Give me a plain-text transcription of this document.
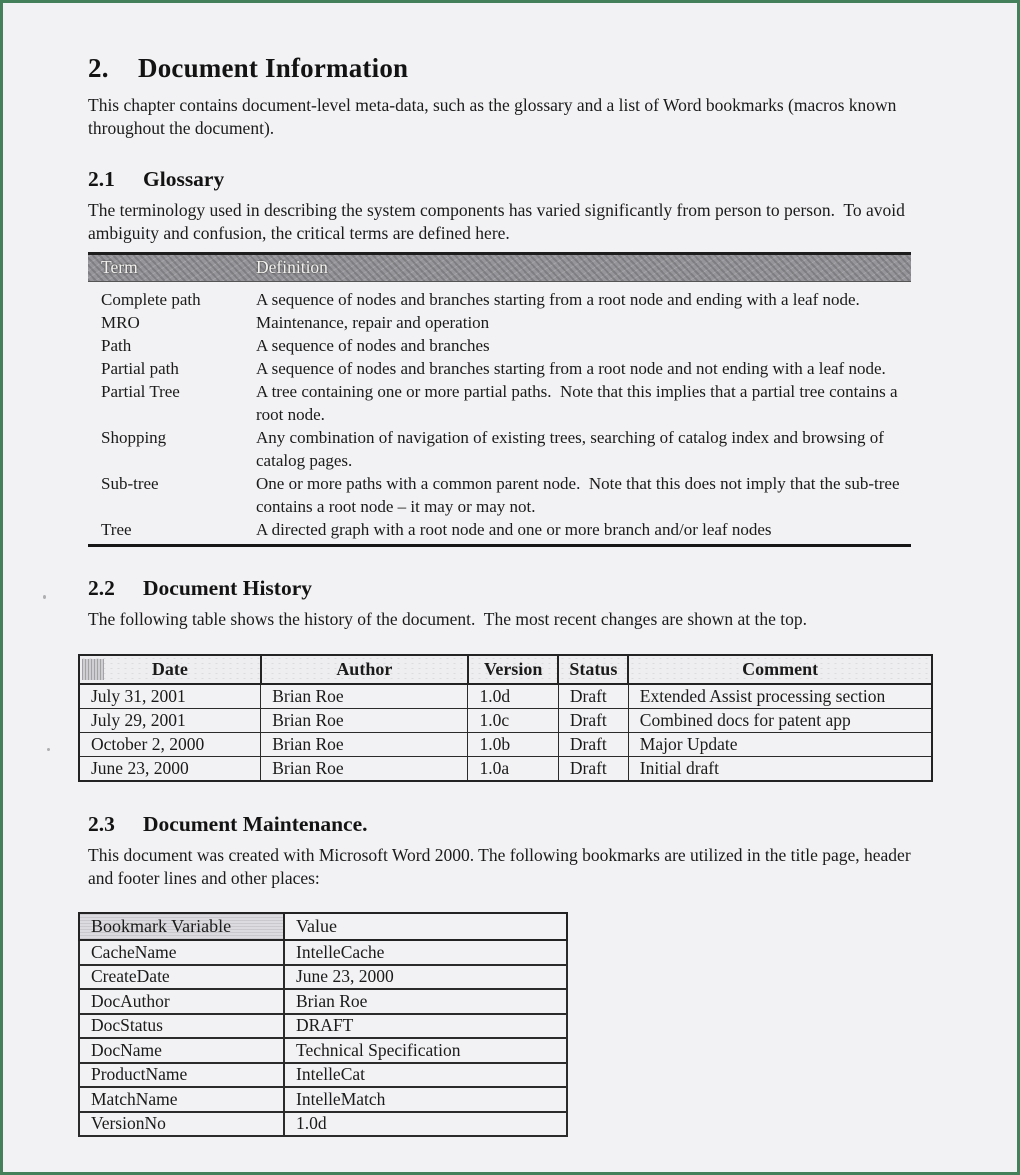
2.	Document Information

This chapter contains document-level meta-data, such as the glossary and a list of Word bookmarks (macros known throughout the document).

2.1	Glossary

The terminology used in describing the system components has varied significantly from person to person.  To avoid ambiguity and confusion, the critical terms are defined here.

Term	Definition
Complete path	A sequence of nodes and branches starting from a root node and ending with a leaf node.
MRO	Maintenance, repair and operation
Path	A sequence of nodes and branches
Partial path	A sequence of nodes and branches starting from a root node and not ending with a leaf node.
Partial Tree	A tree containing one or more partial paths.  Note that this implies that a partial tree contains a root node.
Shopping	Any combination of navigation of existing trees, searching of catalog index and browsing of catalog pages.
Sub-tree	One or more paths with a common parent node.  Note that this does not imply that the sub-tree contains a root node – it may or may not.
Tree	A directed graph with a root node and one or more branch and/or leaf nodes
2.2	Document History

The following table shows the history of the document.  The most recent changes are shown at the top.

Date	Author	Version	Status	Comment
July 31, 2001	Brian Roe	1.0d	Draft	Extended Assist processing section
July 29, 2001	Brian Roe	1.0c	Draft	Combined docs for patent app
October 2, 2000	Brian Roe	1.0b	Draft	Major Update
June 23, 2000	Brian Roe	1.0a	Draft	Initial draft
2.3	Document Maintenance.

This document was created with Microsoft Word 2000. The following bookmarks are utilized in the title page, header and footer lines and other places:

Bookmark Variable	Value
CacheName	IntelleCache
CreateDate	June 23, 2000
DocAuthor	Brian Roe
DocStatus	DRAFT
DocName	Technical Specification
ProductName	IntelleCat
MatchName	IntelleMatch
VersionNo	1.0d
